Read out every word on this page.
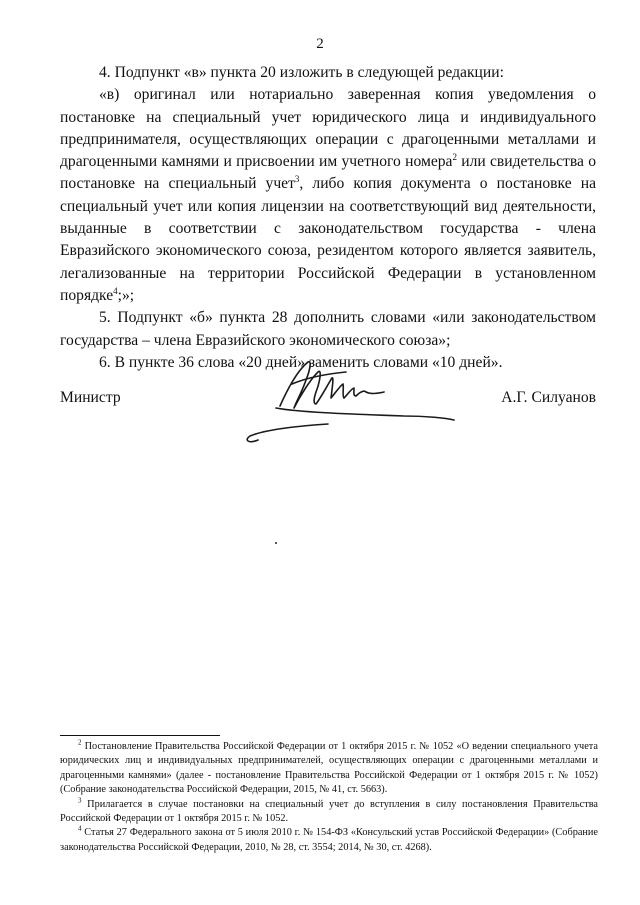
2

4. Подпункт «в» пункта 20 изложить в следующей редакции:

«в) оригинал или нотариально заверенная копия уведомления о постановке на специальный учет юридического лица и индивидуального предпринимателя, осуществляющих операции с драгоценными металлами и драгоценными камнями и присвоении им учетного номера$^2$ или свидетельства о постановке на специальный учет$^3$, либо копия документа о постановке на специальный учет или копия лицензии на соответствующий вид деятельности, выданные в соответствии с законодательством государства - члена Евразийского экономического союза, резидентом которого является заявитель, легализованные на территории Российской Федерации в установленном порядке$^4$;»;

5. Подпункт «б» пункта 28 дополнить словами «или законодательством государства – члена Евразийского экономического союза»;

6. В пункте 36 слова «20 дней» заменить словами «10 дней».

Министр	А.Г. Силуанов

$^2$ Постановление Правительства Российской Федерации от 1 октября 2015 г. № 1052 «О ведении специального учета юридических лиц и индивидуальных предпринимателей, осуществляющих операции с драгоценными металлами и драгоценными камнями» (далее - постановление Правительства Российской Федерации от 1 октября 2015 г. № 1052) (Собрание законодательства Российской Федерации, 2015, № 41, ст. 5663).

$^3$ Прилагается в случае постановки на специальный учет до вступления в силу постановления Правительства Российской Федерации от 1 октября 2015 г. № 1052.

$^4$ Статья 27 Федерального закона от 5 июля 2010 г. № 154-ФЗ «Консульский устав Российской Федерации» (Собрание законодательства Российской Федерации, 2010, № 28, ст. 3554; 2014, № 30, ст. 4268).
